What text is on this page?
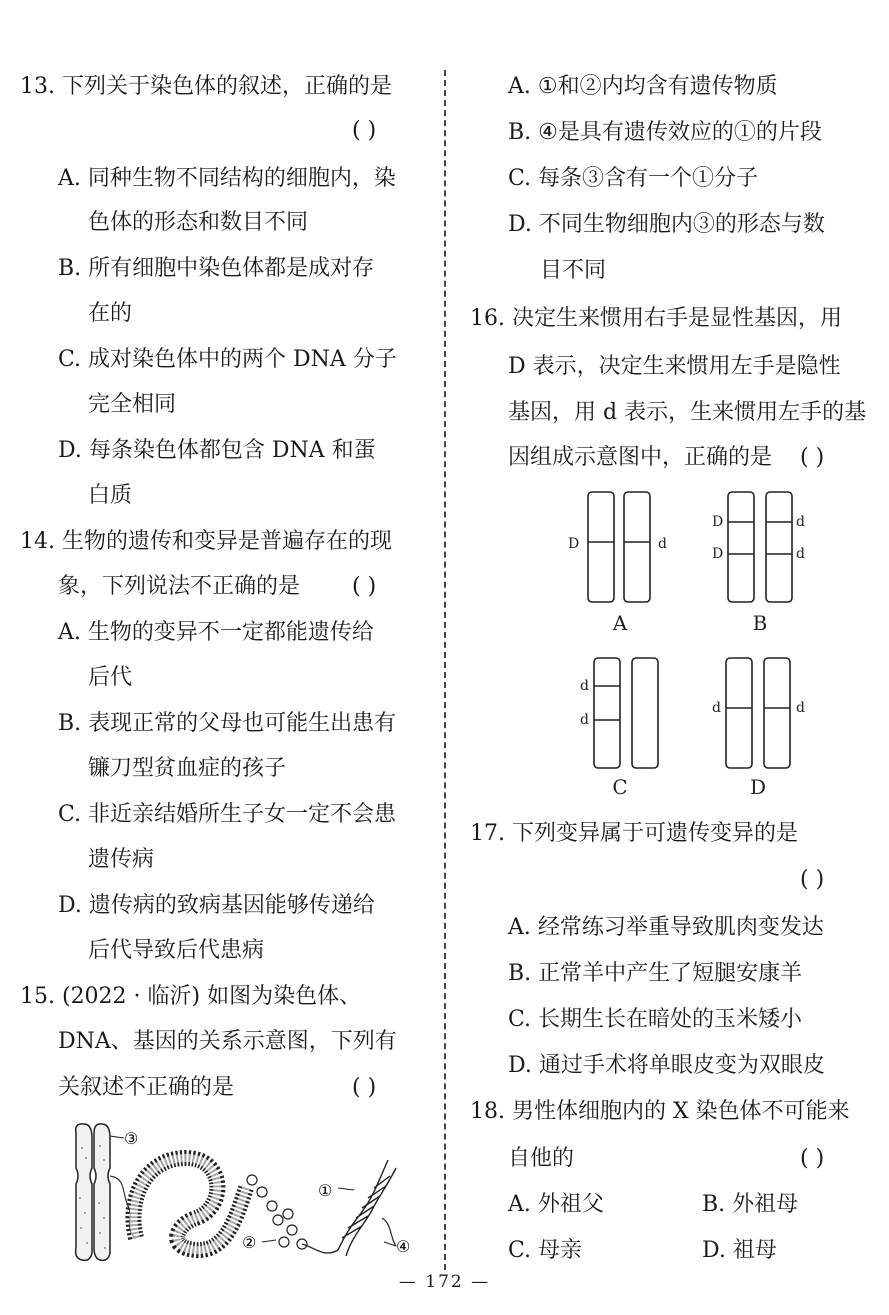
13. 下列关于染色体的叙述，正确的是
( )
A. 同种生物不同结构的细胞内，染
色体的形态和数目不同
B. 所有细胞中染色体都是成对存
在的
C. 成对染色体中的两个 DNA 分子
完全相同
D. 每条染色体都包含 DNA 和蛋
白质
14. 生物的遗传和变异是普遍存在的现
象，下列说法不正确的是 ( )
A. 生物的变异不一定都能遗传给
后代
B. 表现正常的父母也可能生出患有
镰刀型贫血症的孩子
C. 非近亲结婚所生子女一定不会患
遗传病
D. 遗传病的致病基因能够传递给
后代导致后代患病
15. (2022 · 临沂) 如图为染色体、
DNA、基因的关系示意图，下列有
关叙述不正确的是	( )
③
①
②	④
A. ①和②内均含有遗传物质
B. ④是具有遗传效应的①的片段
C. 每条③含有一个①分子
D. 不同生物细胞内③的形态与数
目不同
16. 决定生来惯用右手是显性基因，用
D 表示，决定生来惯用左手是隐性
基因，用 d 表示，生来惯用左手的基
因组成示意图中，正确的是 ( )
D	d
D
D
d
d
d
d
d	d
A	B
C	D
17. 下列变异属于可遗传变异的是
( )
A. 经常练习举重导致肌肉变发达
B. 正常羊中产生了短腿安康羊
C. 长期生长在暗处的玉米矮小
D. 通过手术将单眼皮变为双眼皮
18. 男性体细胞内的 X 染色体不可能来
自他的	( )
A. 外祖父	B. 外祖母
C. 母亲	D. 祖母
— 172 —
